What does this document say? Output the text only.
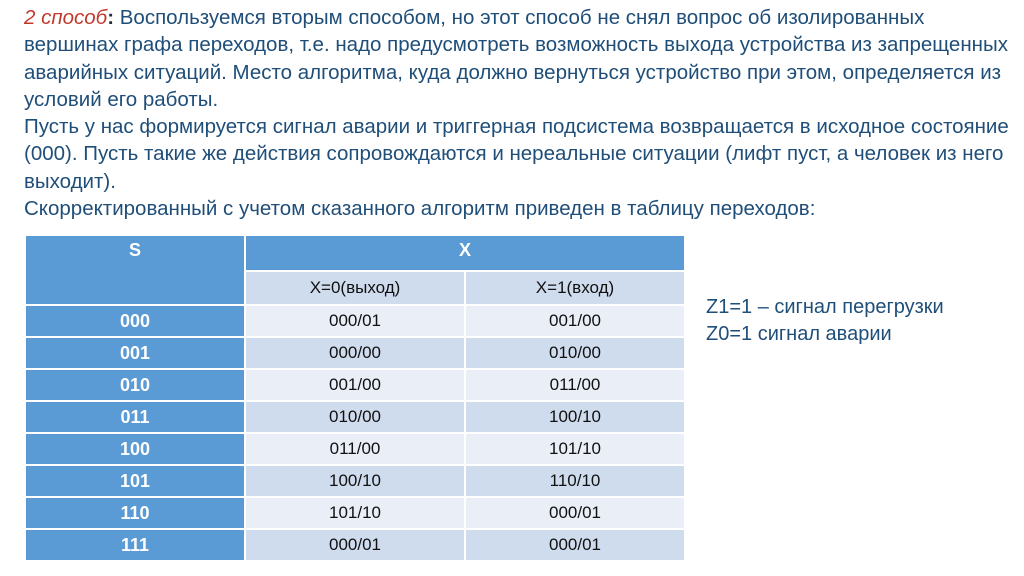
2 способ: Воспользуемся вторым способом, но этот способ не снял вопрос об изолированных вершинах графа переходов, т.е. надо предусмотреть возможность выхода устройства из запрещенных аварийных ситуаций. Место алгоритма, куда должно вернуться устройство при этом, определяется из условий его работы.

Пусть у нас формируется сигнал аварии и триггерная подсистема возвращается в исходное состояние (000). Пусть такие же действия сопровождаются и нереальные ситуации (лифт пуст, а человек из него выходит).

Скорректированный с учетом сказанного алгоритм приведен в таблицу переходов:

S	X	
	X=0(выход)	X=1(вход)
000	000/01	001/00
001	000/00	010/00
010	001/00	011/00
011	010/00	100/10
100	011/00	101/10
101	100/10	110/10
110	101/10	000/01
111	000/01	000/01
Z1=1 – сигнал перегрузки
Z0=1 сигнал аварии
